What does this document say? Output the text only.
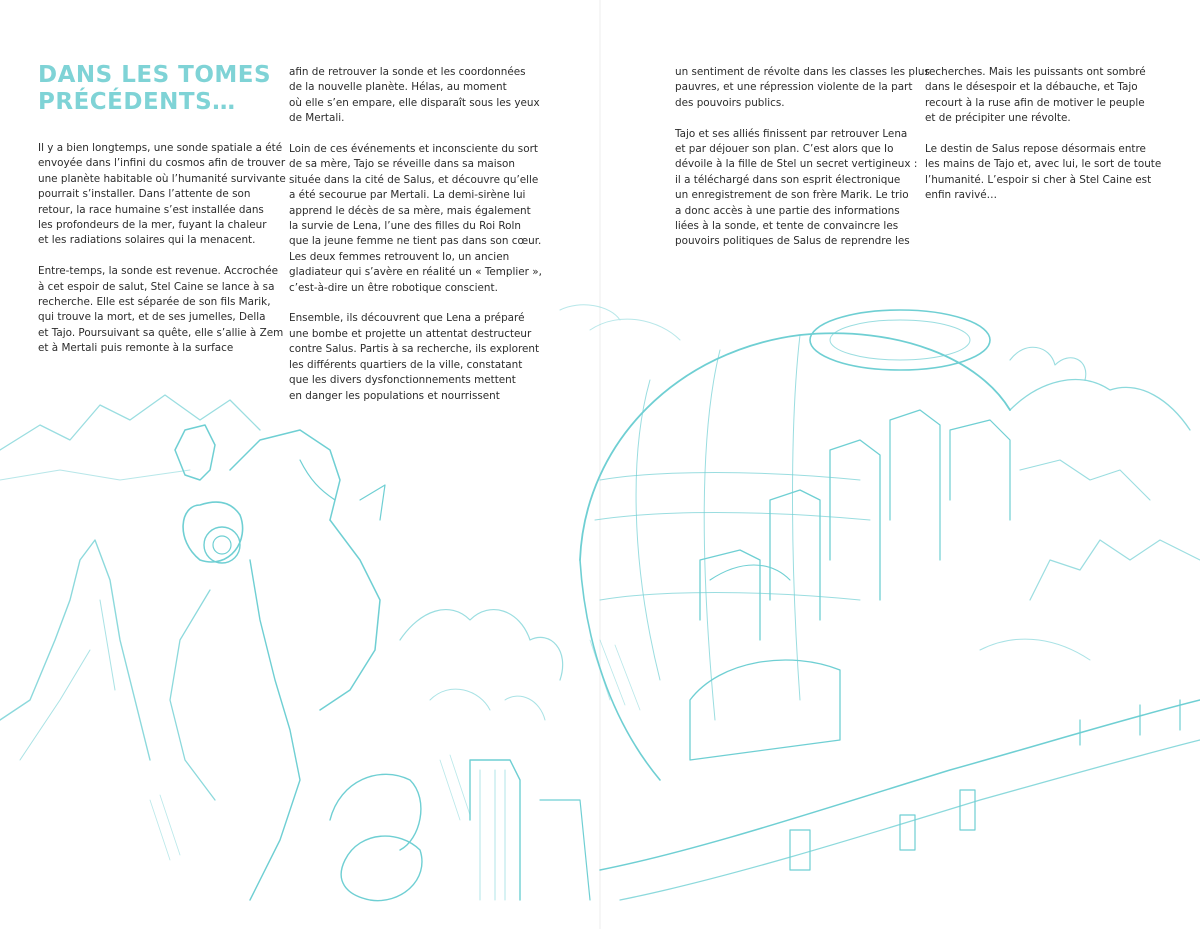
DANS LES TOMES
PRÉCÉDENTS…

Il y a bien longtemps, une sonde spatiale a été
envoyée dans l’infini du cosmos afin de trouver
une planète habitable où l’humanité survivante
pourrait s’installer. Dans l’attente de son
retour, la race humaine s’est installée dans
les profondeurs de la mer, fuyant la chaleur
et les radiations solaires qui la menacent.

Entre-temps, la sonde est revenue. Accrochée
à cet espoir de salut, Stel Caine se lance à sa
recherche. Elle est séparée de son fils Marik,
qui trouve la mort, et de ses jumelles, Della
et Tajo. Poursuivant sa quête, elle s’allie à Zem
et à Mertali puis remonte à la surface

afin de retrouver la sonde et les coordonnées
de la nouvelle planète. Hélas, au moment
où elle s’en empare, elle disparaît sous les yeux
de Mertali.

Loin de ces événements et inconsciente du sort
de sa mère, Tajo se réveille dans sa maison
située dans la cité de Salus, et découvre qu’elle
a été secourue par Mertali. La demi-sirène lui
apprend le décès de sa mère, mais également
la survie de Lena, l’une des filles du Roi Roln
que la jeune femme ne tient pas dans son cœur.
Les deux femmes retrouvent Io, un ancien
gladiateur qui s’avère en réalité un « Templier »,
c’est-à-dire un être robotique conscient.

Ensemble, ils découvrent que Lena a préparé
une bombe et projette un attentat destructeur
contre Salus. Partis à sa recherche, ils explorent
les différents quartiers de la ville, constatant
que les divers dysfonctionnements mettent
en danger les populations et nourrissent

un sentiment de révolte dans les classes les plus
pauvres, et une répression violente de la part
des pouvoirs publics.

Tajo et ses alliés finissent par retrouver Lena
et par déjouer son plan. C’est alors que Io
dévoile à la fille de Stel un secret vertigineux :
il a téléchargé dans son esprit électronique
un enregistrement de son frère Marik. Le trio
a donc accès à une partie des informations
liées à la sonde, et tente de convaincre les
pouvoirs politiques de Salus de reprendre les

recherches. Mais les puissants ont sombré
dans le désespoir et la débauche, et Tajo
recourt à la ruse afin de motiver le peuple
et de précipiter une révolte.

Le destin de Salus repose désormais entre
les mains de Tajo et, avec lui, le sort de toute
l’humanité. L’espoir si cher à Stel Caine est
enfin ravivé…
